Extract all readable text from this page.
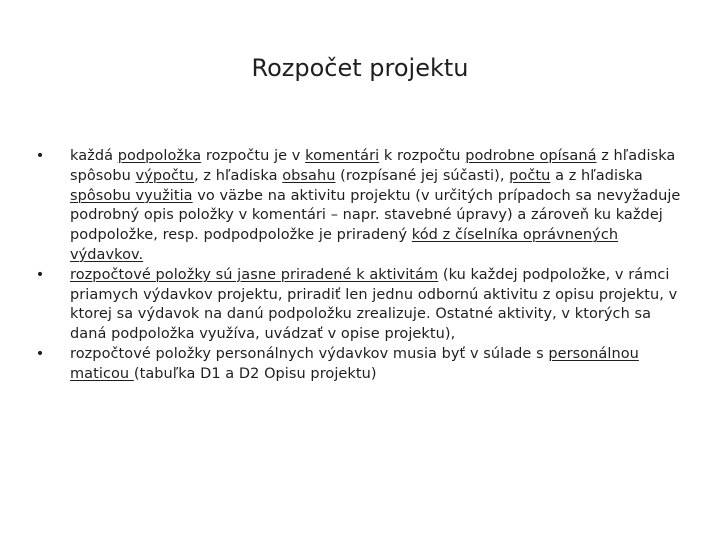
Rozpočet projektu
•	každá podpoložka rozpočtu je v komentári k rozpočtu podrobne opísaná z hľadiska spôsobu výpočtu, z hľadiska obsahu (rozpísané jej súčasti), počtu a z hľadiska spôsobu využitia vo väzbe na aktivitu projektu (v určitých prípadoch sa nevyžaduje podrobný opis položky v komentári – napr. stavebné úpravy) a zároveň ku každej podpoložke, resp. podpodpoložke je priradený kód z číselníka oprávnených výdavkov.
•	rozpočtové položky sú jasne priradené k aktivitám (ku každej podpoložke, v rámci priamych výdavkov projektu, priradiť len jednu odbornú aktivitu z opisu projektu, v ktorej sa výdavok na danú podpoložku zrealizuje. Ostatné aktivity, v ktorých sa daná podpoložka využíva, uvádzať v opise projektu),
•	rozpočtové položky personálnych výdavkov musia byť v súlade s personálnou maticou (tabuľka D1 a D2 Opisu projektu)
